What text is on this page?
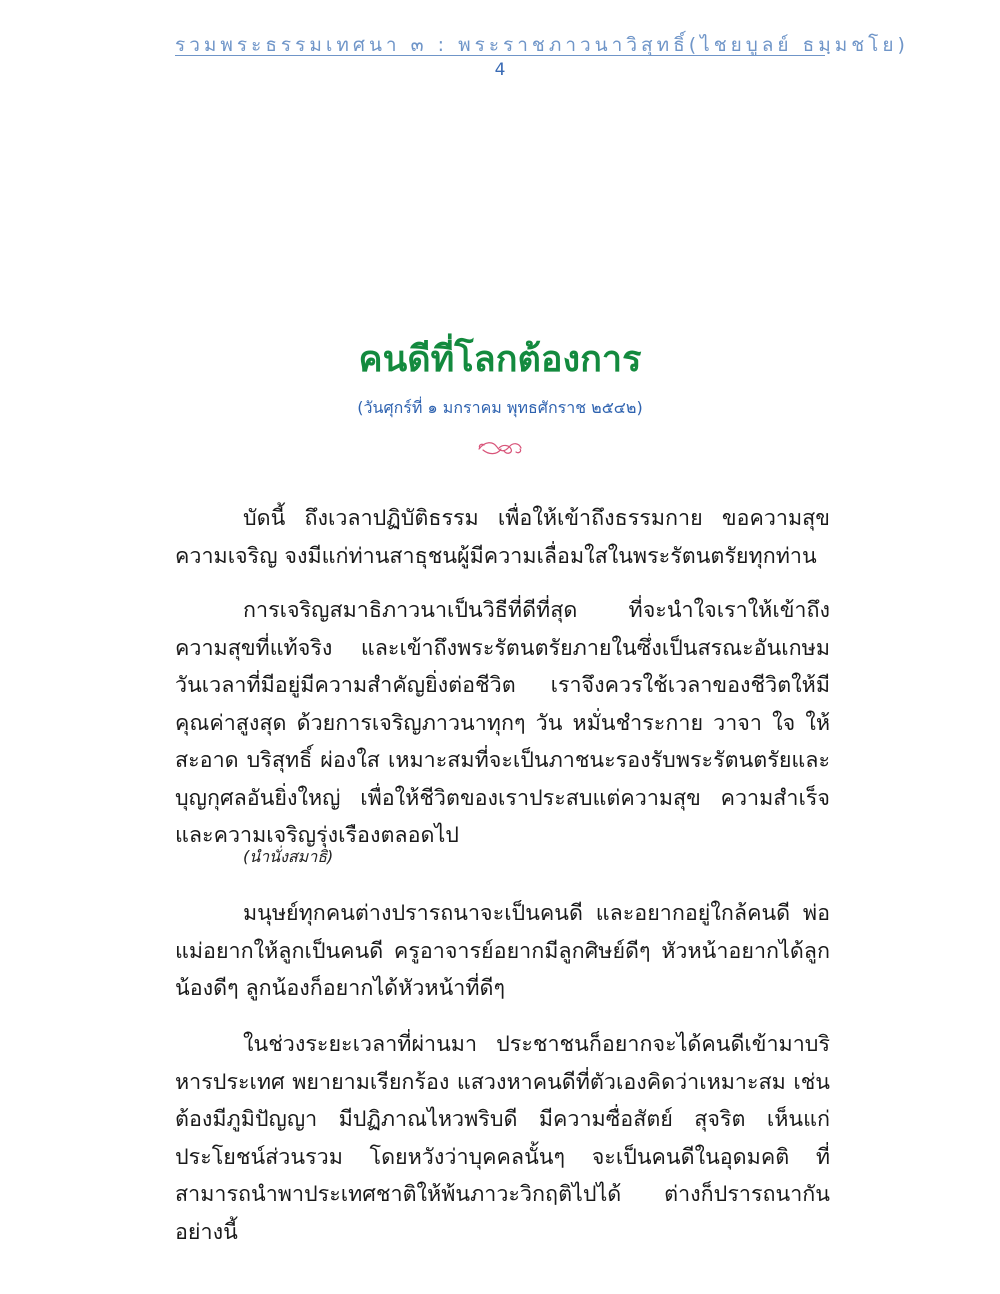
รวมพระธรรมเทศนา ๓ : พระราชภาวนาวิสุทธิ์(ไชยบูลย์ ธมฺมชโย)
4
คนดีที่โลกต้องการ
(วันศุกร์ที่ ๑ มกราคม พุทธศักราช ๒๕๔๒)

บัดนี้ ถึงเวลาปฏิบัติธรรม เพื่อให้เข้าถึงธรรมกาย ขอความสุขความเจริญ จงมีแก่ท่านสาธุชนผู้มีความเลื่อมใสในพระรัตนตรัยทุกท่าน

การเจริญสมาธิภาวนาเป็นวิธีที่ดีที่สุด ที่จะนำใจเราให้เข้าถึงความสุขที่แท้จริง และเข้าถึงพระรัตนตรัยภายในซึ่งเป็นสรณะอันเกษม วันเวลาที่มีอยู่มีความสำคัญยิ่งต่อชีวิต เราจึงควรใช้เวลาของชีวิตให้มีคุณค่าสูงสุด ด้วยการเจริญภาวนาทุกๆ วัน หมั่นชำระกาย วาจา ใจ ให้สะอาด บริสุทธิ์ ผ่องใส เหมาะสมที่จะเป็นภาชนะรองรับพระรัตนตรัยและบุญกุศลอันยิ่งใหญ่ เพื่อให้ชีวิตของเราประสบแต่ความสุข ความสำเร็จ และความเจริญรุ่งเรืองตลอดไป

(นำนั่งสมาธิ)

มนุษย์ทุกคนต่างปรารถนาจะเป็นคนดี และอยากอยู่ใกล้คนดี พ่อแม่อยากให้ลูกเป็นคนดี ครูอาจารย์อยากมีลูกศิษย์ดีๆ หัวหน้าอยากได้ลูกน้องดีๆ ลูกน้องก็อยากได้หัวหน้าที่ดีๆ

ในช่วงระยะเวลาที่ผ่านมา ประชาชนก็อยากจะได้คนดีเข้ามาบริหารประเทศ พยายามเรียกร้อง แสวงหาคนดีที่ตัวเองคิดว่าเหมาะสม เช่น ต้องมีภูมิปัญญา มีปฏิภาณไหวพริบดี มีความซื่อสัตย์ สุจริต เห็นแก่ประโยชน์ส่วนรวม โดยหวังว่าบุคคลนั้นๆ จะเป็นคนดีในอุดมคติ ที่สามารถนำพาประเทศชาติให้พ้นภาวะวิกฤติไปได้ ต่างก็ปรารถนากันอย่างนี้
